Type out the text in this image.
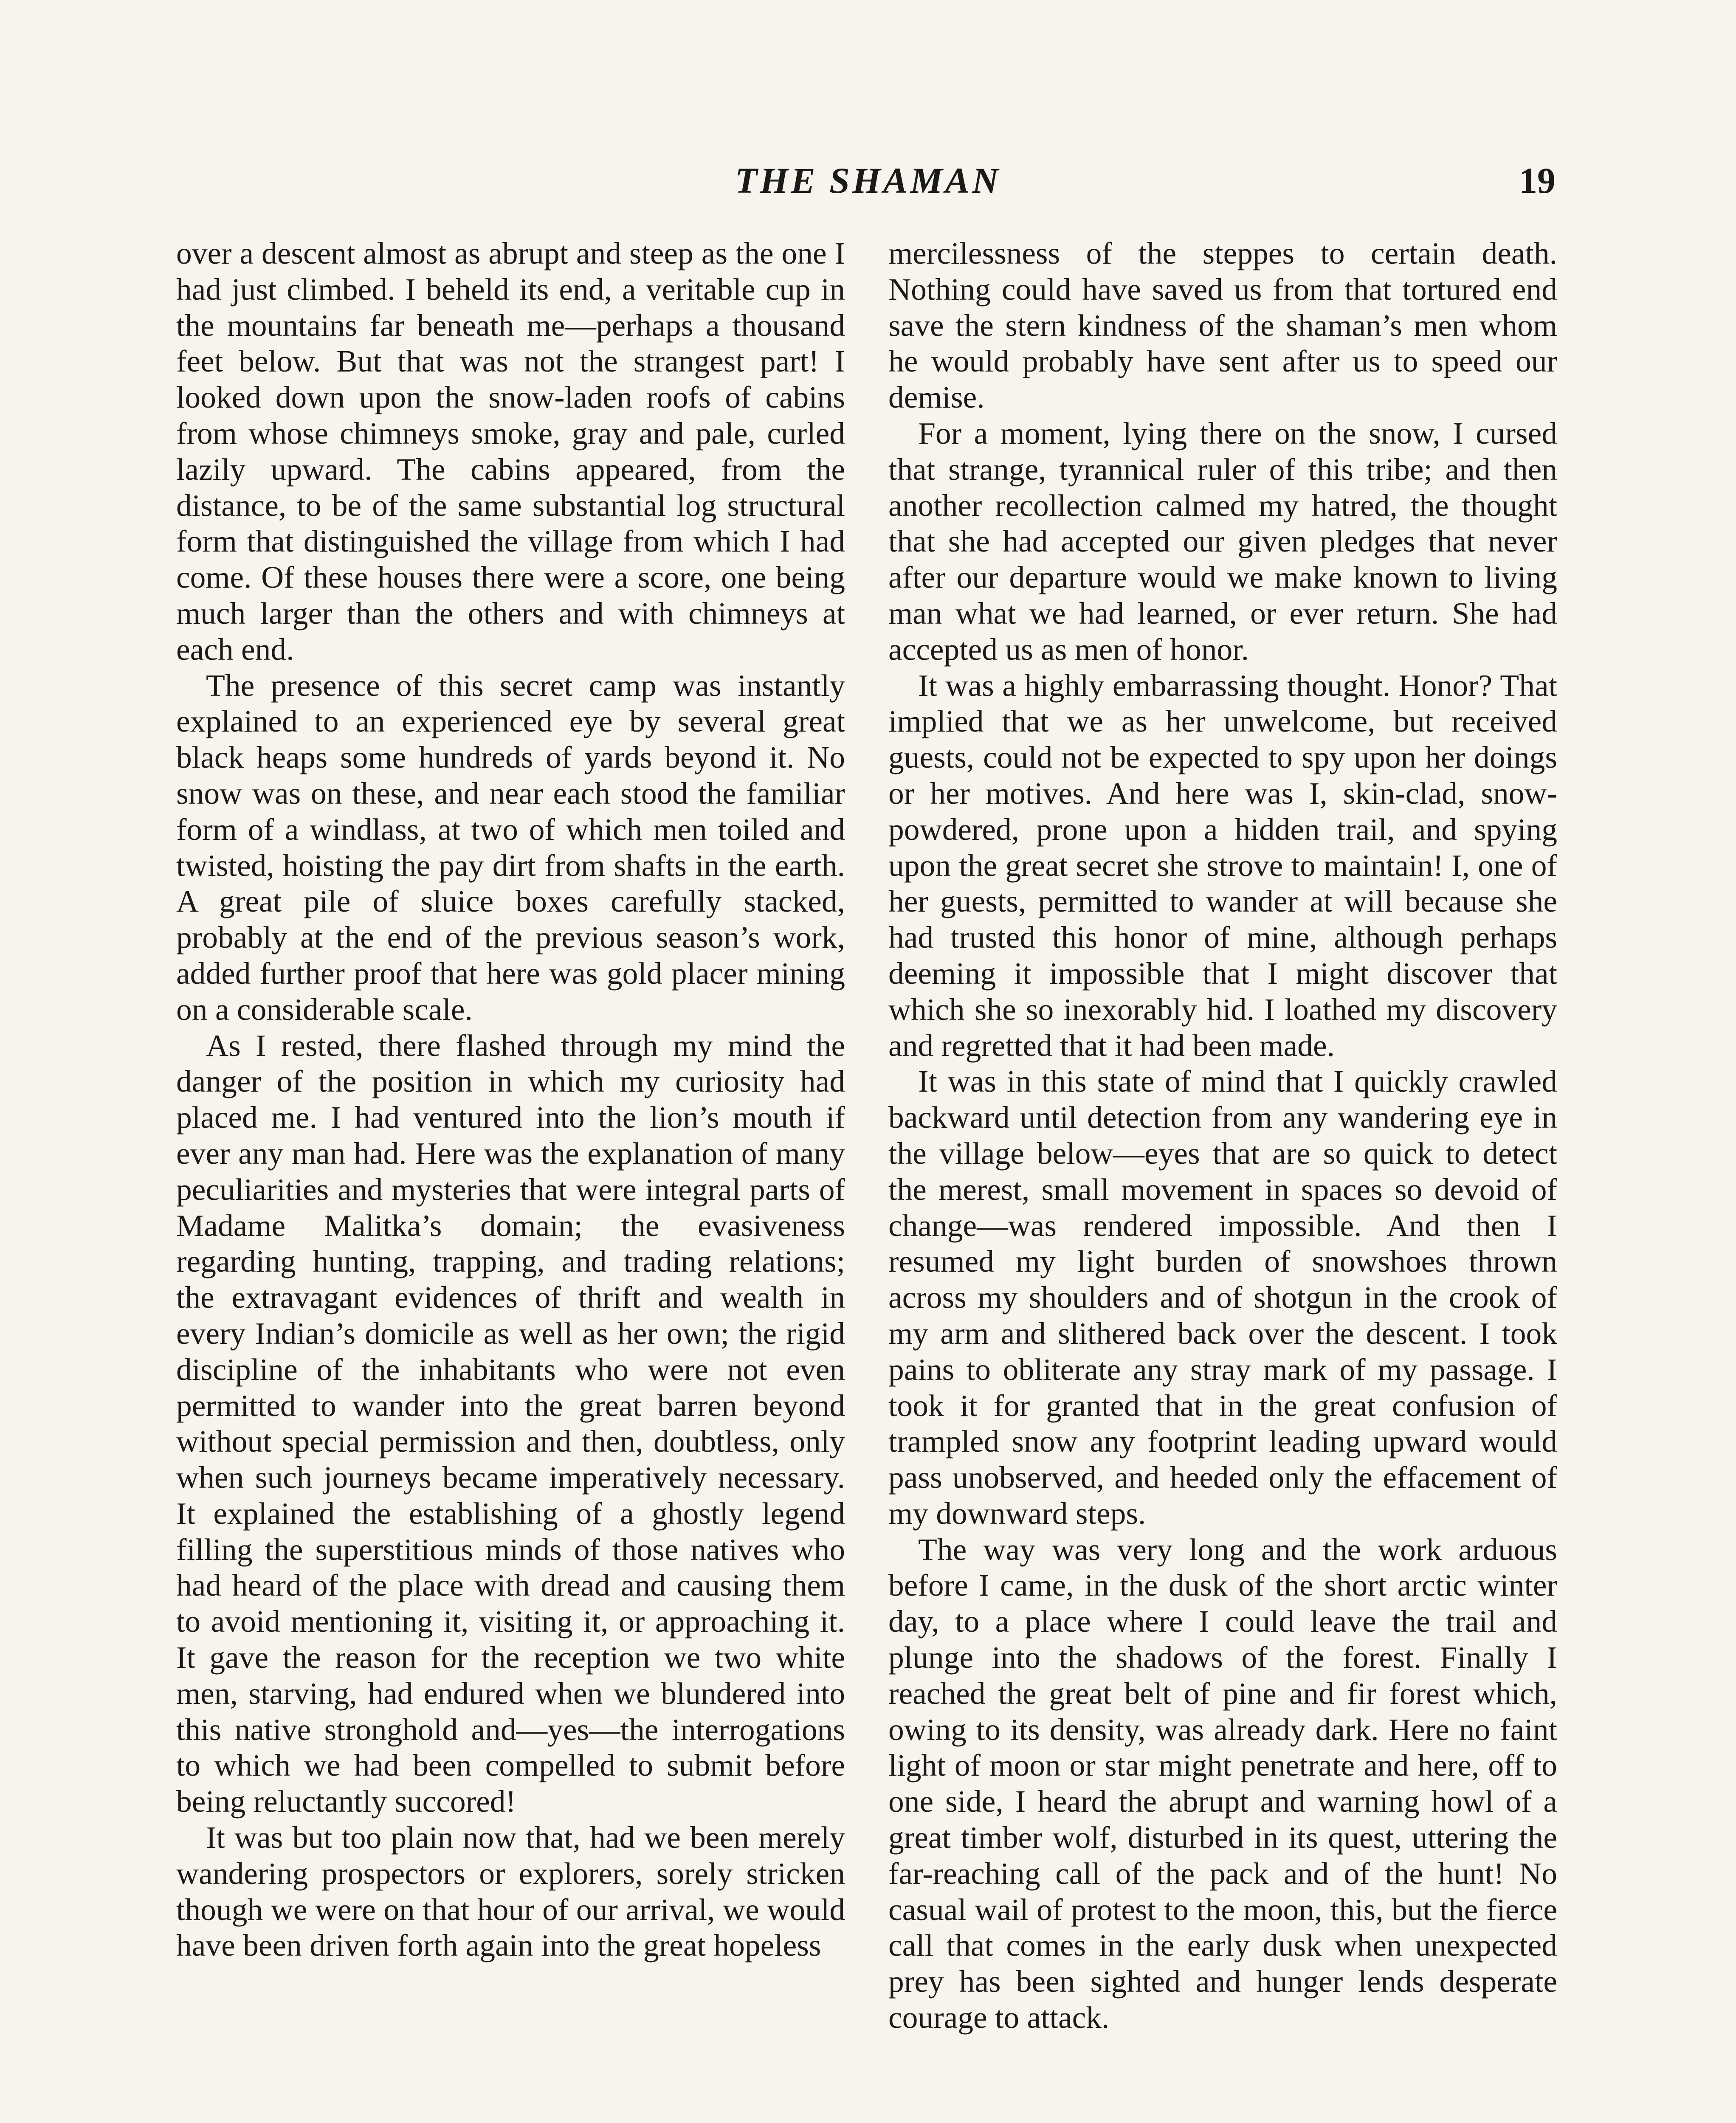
THE SHAMAN	19

over a descent almost as abrupt and steep as the one I had just climbed. I beheld its end, a veritable cup in the mountains far beneath me—perhaps a thousand feet below. But that was not the strangest part! I looked down upon the snow-laden roofs of cabins from whose chimneys smoke, gray and pale, curled lazily upward. The cabins appeared, from the distance, to be of the same substantial log structural form that distinguished the village from which I had come. Of these houses there were a score, one being much larger than the others and with chimneys at each end.

The presence of this secret camp was instantly explained to an experienced eye by several great black heaps some hundreds of yards beyond it. No snow was on these, and near each stood the familiar form of a windlass, at two of which men toiled and twisted, hoisting the pay dirt from shafts in the earth. A great pile of sluice boxes carefully stacked, probably at the end of the previous season’s work, added further proof that here was gold placer mining on a considerable scale.

As I rested, there flashed through my mind the danger of the position in which my curiosity had placed me. I had ventured into the lion’s mouth if ever any man had. Here was the explanation of many peculiarities and mysteries that were integral parts of Madame Malitka’s domain; the evasiveness regarding hunting, trapping, and trading relations; the extravagant evidences of thrift and wealth in every Indian’s domicile as well as her own; the rigid discipline of the inhabitants who were not even permitted to wander into the great barren beyond without special permission and then, doubtless, only when such journeys became imperatively necessary. It explained the establishing of a ghostly legend filling the superstitious minds of those natives who had heard of the place with dread and causing them to avoid mentioning it, visiting it, or approaching it. It gave the reason for the reception we two white men, starving, had endured when we blundered into this native stronghold and—yes—the interrogations to which we had been compelled to submit before being reluctantly succored!

It was but too plain now that, had we been merely wandering prospectors or explorers, sorely stricken though we were on that hour of our arrival, we would have been driven forth again into the great hopeless

mercilessness of the steppes to certain death. Nothing could have saved us from that tortured end save the stern kindness of the shaman’s men whom he would probably have sent after us to speed our demise.

For a moment, lying there on the snow, I cursed that strange, tyrannical ruler of this tribe; and then another recollection calmed my hatred, the thought that she had accepted our given pledges that never after our departure would we make known to living man what we had learned, or ever return. She had accepted us as men of honor.

It was a highly embarrassing thought. Honor? That implied that we as her unwelcome, but received guests, could not be expected to spy upon her doings or her motives. And here was I, skin-clad, snow-powdered, prone upon a hidden trail, and spying upon the great secret she strove to maintain! I, one of her guests, permitted to wander at will because she had trusted this honor of mine, although perhaps deeming it impossible that I might discover that which she so inexorably hid. I loathed my discovery and regretted that it had been made.

It was in this state of mind that I quickly crawled backward until detection from any wandering eye in the village below—eyes that are so quick to detect the merest, small movement in spaces so devoid of change—was rendered impossible. And then I resumed my light burden of snowshoes thrown across my shoulders and of shotgun in the crook of my arm and slithered back over the descent. I took pains to obliterate any stray mark of my passage. I took it for granted that in the great confusion of trampled snow any footprint leading upward would pass unobserved, and heeded only the effacement of my downward steps.

The way was very long and the work arduous before I came, in the dusk of the short arctic winter day, to a place where I could leave the trail and plunge into the shadows of the forest. Finally I reached the great belt of pine and fir forest which, owing to its density, was already dark. Here no faint light of moon or star might penetrate and here, off to one side, I heard the abrupt and warning howl of a great timber wolf, disturbed in its quest, uttering the far-reaching call of the pack and of the hunt! No casual wail of protest to the moon, this, but the fierce call that comes in the early dusk when unexpected prey has been sighted and hunger lends desperate courage to attack.
